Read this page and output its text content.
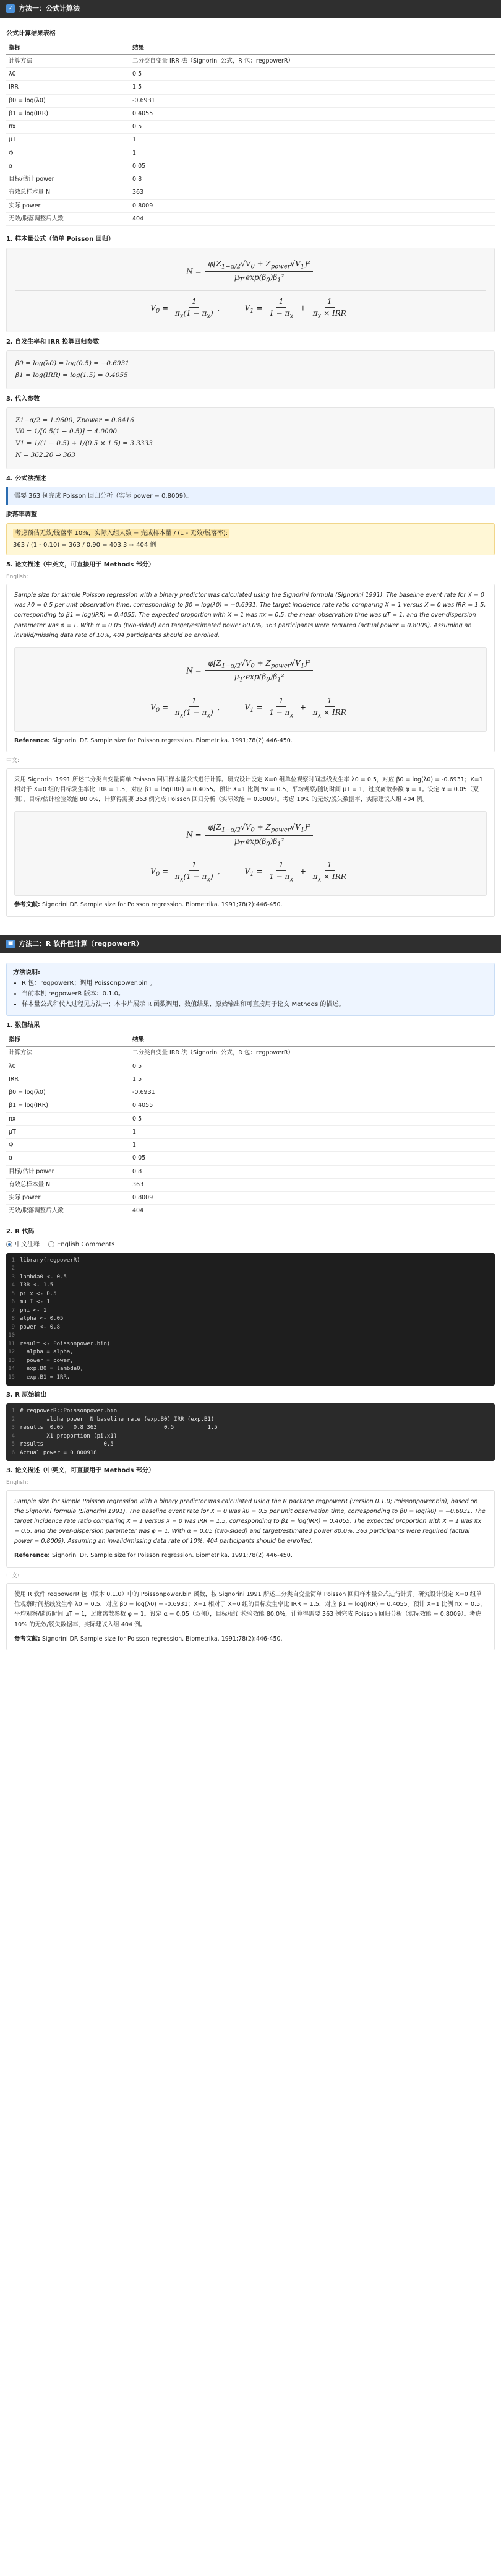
✓ 方法一：公式计算法
公式计算结果表格
指标	结果
计算方法	二分类自变量 IRR 法（Signorini 公式，R 包：regpowerR）
λ0	0.5
IRR	1.5
β0 = log(λ0)	-0.6931
β1 = log(IRR)	0.4055
πx	0.5
μT	1
Φ	1
α	0.05
目标/估计 power	0.8
有效总样本量 N	363
实际 power	0.8009
无效/脱落调整后人数	404
1. 样本量公式（简单 Poisson 回归）
$N = \frac{\varphi[Z_{1-\alpha/2}√V_0 + Z_{power}√V_1]^2}{\mu_T\cdot\exp(\beta_0)\beta_1^2}$
$V_0 = \frac{1}{\pi_x(1 - \pi_x)}$ ,	$V_1 = \frac{1}{1 - \pi_x} + \frac{1}{\pi_x \times IRR}$
2. 自发生率和 IRR 换算回归参数
β0 = log(λ0) = log(0.5) = −0.6931
β1 = log(IRR) = log(1.5) = 0.4055
3. 代入参数
Z1−α/2 = 1.9600, Zpower = 0.8416
V0 = 1/[0.5(1 − 0.5)] = 4.0000
V1 = 1/(1 − 0.5) + 1/(0.5 × 1.5) = 3.3333
N = 362.20 ⇒ 363
4. 公式法描述
需要 363 例完成 Poisson 回归分析（实际 power = 0.8009）。
脱落率调整
考虑预估无效/脱落率 10%，实际入组人数 = 完成样本量 / (1 - 无效/脱落率):
363 / (1 - 0.10) = 363 / 0.90 = 403.3 ≈ 404 例
5. 论文描述（中英文，可直接用于 Methods 部分）
English:

Sample size for simple Poisson regression with a binary predictor was calculated using the Signorini formula (Signorini 1991). The baseline event rate for X = 0 was λ0 = 0.5 per unit observation time, corresponding to β0 = log(λ0) = −0.6931. The target incidence rate ratio comparing X = 1 versus X = 0 was IRR = 1.5, corresponding to β1 = log(IRR) = 0.4055. The expected proportion with X = 1 was πx = 0.5, the mean observation time was μT = 1, and the over-dispersion parameter was φ = 1. With α = 0.05 (two-sided) and target/estimated power 80.0%, 363 participants were required (actual power = 0.8009). Assuming an invalid/missing data rate of 10%, 404 participants should be enrolled.

$N = \frac{\varphi[Z_{1-\alpha/2}√V_0 + Z_{power}√V_1]^2}{\mu_T\cdot\exp(\beta_0)\beta_1^2}$
$V_0 = \frac{1}{\pi_x(1 - \pi_x)}$ ,	$V_1 = \frac{1}{1 - \pi_x} + \frac{1}{\pi_x \times IRR}$
Reference: Signorini DF. Sample size for Poisson regression. Biometrika. 1991;78(2):446-450.
中文:

采用 Signorini 1991 所述二分类自变量简单 Poisson 回归样本量公式进行计算。研究设计设定 X=0 组单位观察时间基线发生率 λ0 = 0.5，对应 β0 = log(λ0) = -0.6931；X=1 相对于 X=0 组的目标发生率比 IRR = 1.5，对应 β1 = log(IRR) = 0.4055。预计 X=1 比例 πx = 0.5，平均观察/随访时间 μT = 1，过度离散参数 φ = 1。设定 α = 0.05（双侧），目标/估计检验效能 80.0%，计算得需要 363 例完成 Poisson 回归分析（实际效能 = 0.8009）。考虑 10% 的无效/脱失数据率，实际建议入组 404 例。

$N = \frac{\varphi[Z_{1-\alpha/2}√V_0 + Z_{power}√V_1]^2}{\mu_T\cdot\exp(\beta_0)\beta_1^2}$
$V_0 = \frac{1}{\pi_x(1 - \pi_x)}$ ,	$V_1 = \frac{1}{1 - \pi_x} + \frac{1}{\pi_x \times IRR}$
参考文献: Signorini DF. Sample size for Poisson regression. Biometrika. 1991;78(2):446-450.
▣ 方法二：R 软件包计算（regpowerR）
方法说明:
• R 包：regpowerR；调用 Poissonpower.bin 。
• 当前本机 regpowerR 版本：0.1.0。
• 样本量公式和代入过程见方法一；本卡片展示 R 函数调用、数值结果、原始输出和可直接用于论文 Methods 的描述。
1. 数值结果
指标	结果
计算方法	二分类自变量 IRR 法（Signorini 公式，R 包：regpowerR）
λ0	0.5
IRR	1.5
β0 = log(λ0)	-0.6931
β1 = log(IRR)	0.4055
πx	0.5
μT	1
Φ	1
α	0.05
目标/估计 power	0.8
有效总样本量 N	363
实际 power	0.8009
无效/脱落调整后人数	404
2. R 代码
中文注释	English Comments
1 library(regpowerR)
2
3 lambda0 <- 0.5
4 IRR <- 1.5
5 pi_x <- 0.5
6 mu_T <- 1
7 phi <- 1
8 alpha <- 0.05
9 power <- 0.8
10
11 result <- Poissonpower.bin(
12 alpha = alpha,
13 power = power,
14 exp.B0 = lambda0,
15 exp.B1 = IRR,
3. R 原始输出
1 # regpowerR::Poissonpower.bin
2 alpha power  N baseline rate (exp.B0) IRR (exp.B1)
3 results  0.05   0.8 363                    0.5          1.5
4 X1 proportion (pi.x1)
5 results                  0.5
6 Actual power = 0.800918
3. 论文描述（中英文，可直接用于 Methods 部分）
English:

Sample size for simple Poisson regression with a binary predictor was calculated using the R package regpowerR (version 0.1.0; Poissonpower.bin), based on the Signorini formula (Signorini 1991). The baseline event rate for X = 0 was λ0 = 0.5 per unit observation time, corresponding to β0 = log(λ0) = −0.6931. The target incidence rate ratio comparing X = 1 versus X = 0 was IRR = 1.5, corresponding to β1 = log(IRR) = 0.4055. The expected proportion with X = 1 was πx = 0.5, and the over-dispersion parameter was φ = 1. With α = 0.05 (two-sided) and target/estimated power 80.0%, 363 participants were required (actual power = 0.8009). Assuming an invalid/missing data rate of 10%, 404 participants should be enrolled.

Reference: Signorini DF. Sample size for Poisson regression. Biometrika. 1991;78(2):446-450.
中文:

使用 R 软件 regpowerR 包（版本 0.1.0）中的 Poissonpower.bin 函数，按 Signorini 1991 所述二分类自变量简单 Poisson 回归样本量公式进行计算。研究设计设定 X=0 组单位观察时间基线发生率 λ0 = 0.5，对应 β0 = log(λ0) = -0.6931；X=1 相对于 X=0 组的目标发生率比 IRR = 1.5，对应 β1 = log(IRR) = 0.4055。预计 X=1 比例 πx = 0.5，平均观察/随访时间 μT = 1，过度离散参数 φ = 1。设定 α = 0.05（双侧），目标/估计检验效能 80.0%，计算得需要 363 例完成 Poisson 回归分析（实际效能 = 0.8009）。考虑 10% 的无效/脱失数据率，实际建议入组 404 例。

参考文献: Signorini DF. Sample size for Poisson regression. Biometrika. 1991;78(2):446-450.
